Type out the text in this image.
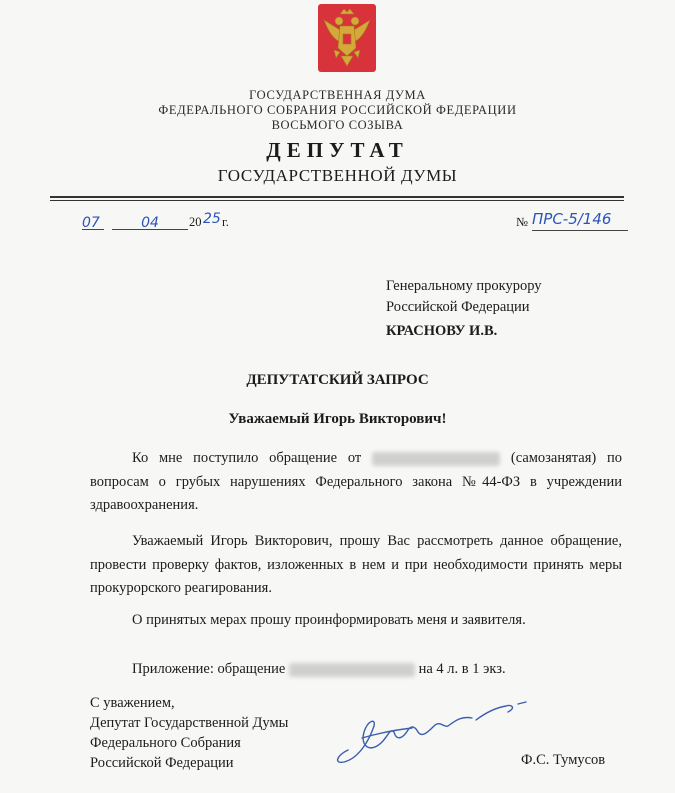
ГОСУДАРСТВЕННАЯ ДУМА
ФЕДЕРАЛЬНОГО СОБРАНИЯ РОССИЙСКОЙ ФЕДЕРАЦИИ
ВОСЬМОГО СОЗЫВА
ДЕПУТАТ
ГОСУДАРСТВЕННОЙ ДУМЫ
07	04	20 25 г.	№ ПРС-5/146
Генеральному прокурору
Российской Федерации
КРАСНОВУ И.В.
ДЕПУТАТСКИЙ ЗАПРОС
Уважаемый Игорь Викторович!
Ко мне поступило обращение от	(самозанятая) по вопросам о грубых нарушениях Федерального закона №44-ФЗ в учреждении здравоохранения.
Уважаемый Игорь Викторович, прошу Вас рассмотреть данное обращение, провести проверку фактов, изложенных в нем и при необходимости принять меры прокурорского реагирования.
О принятых мерах прошу проинформировать меня и заявителя.
Приложение: обращение	на 4 л. в 1 экз.
С уважением,
Депутат Государственной Думы
Федерального Собрания
Российской Федерации	Ф.С. Тумусов
